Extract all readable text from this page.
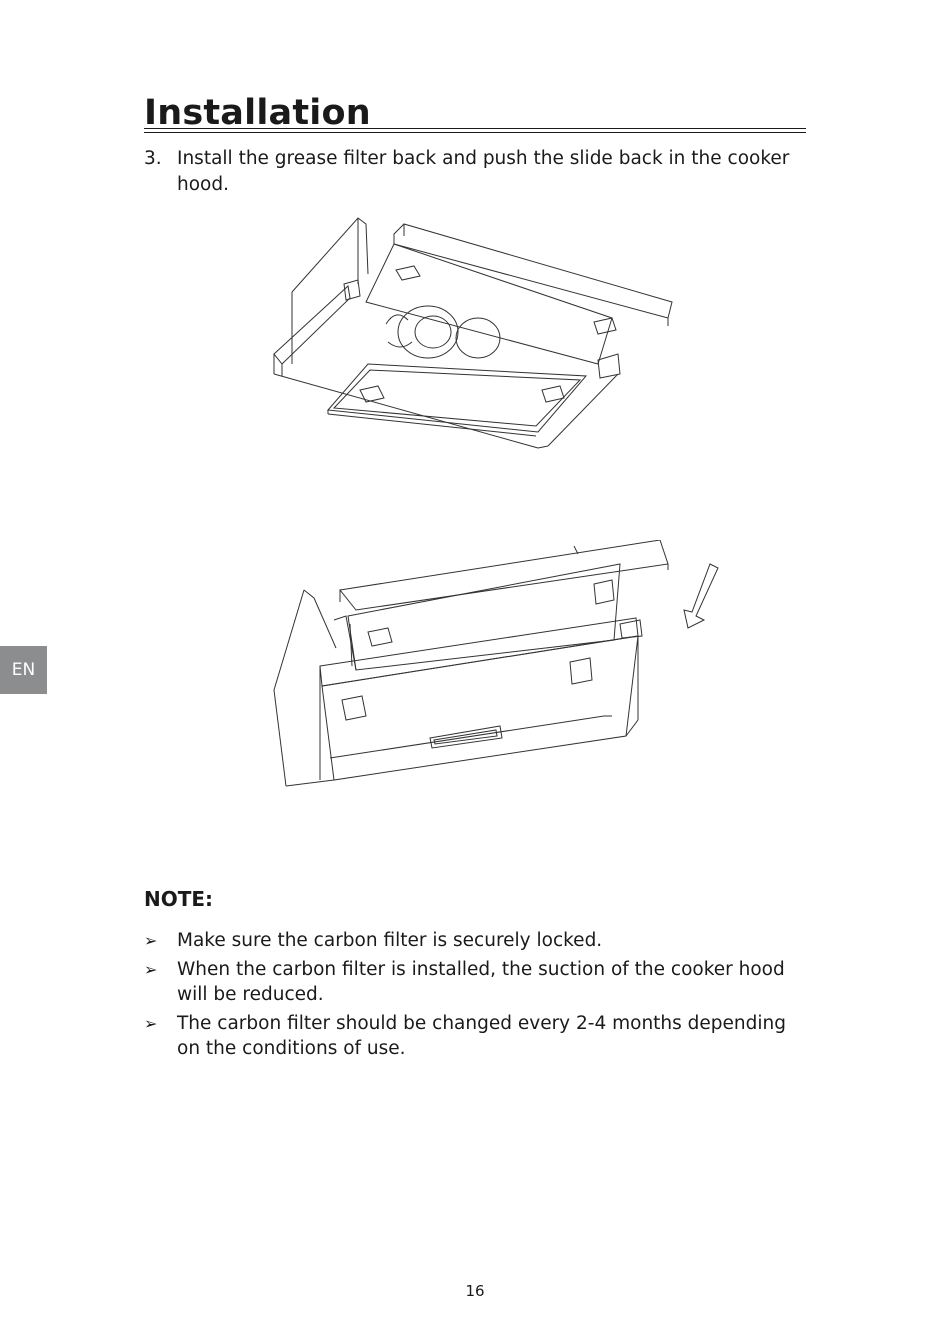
Installation
3. Install the grease filter back and push the slide back in the cooker hood.
EN
NOTE:
➢ Make sure the carbon filter is securely locked.
➢ When the carbon filter is installed, the suction of the cooker hood will be reduced.
➢ The carbon filter should be changed every 2-4 months depending on the conditions of use.
16
